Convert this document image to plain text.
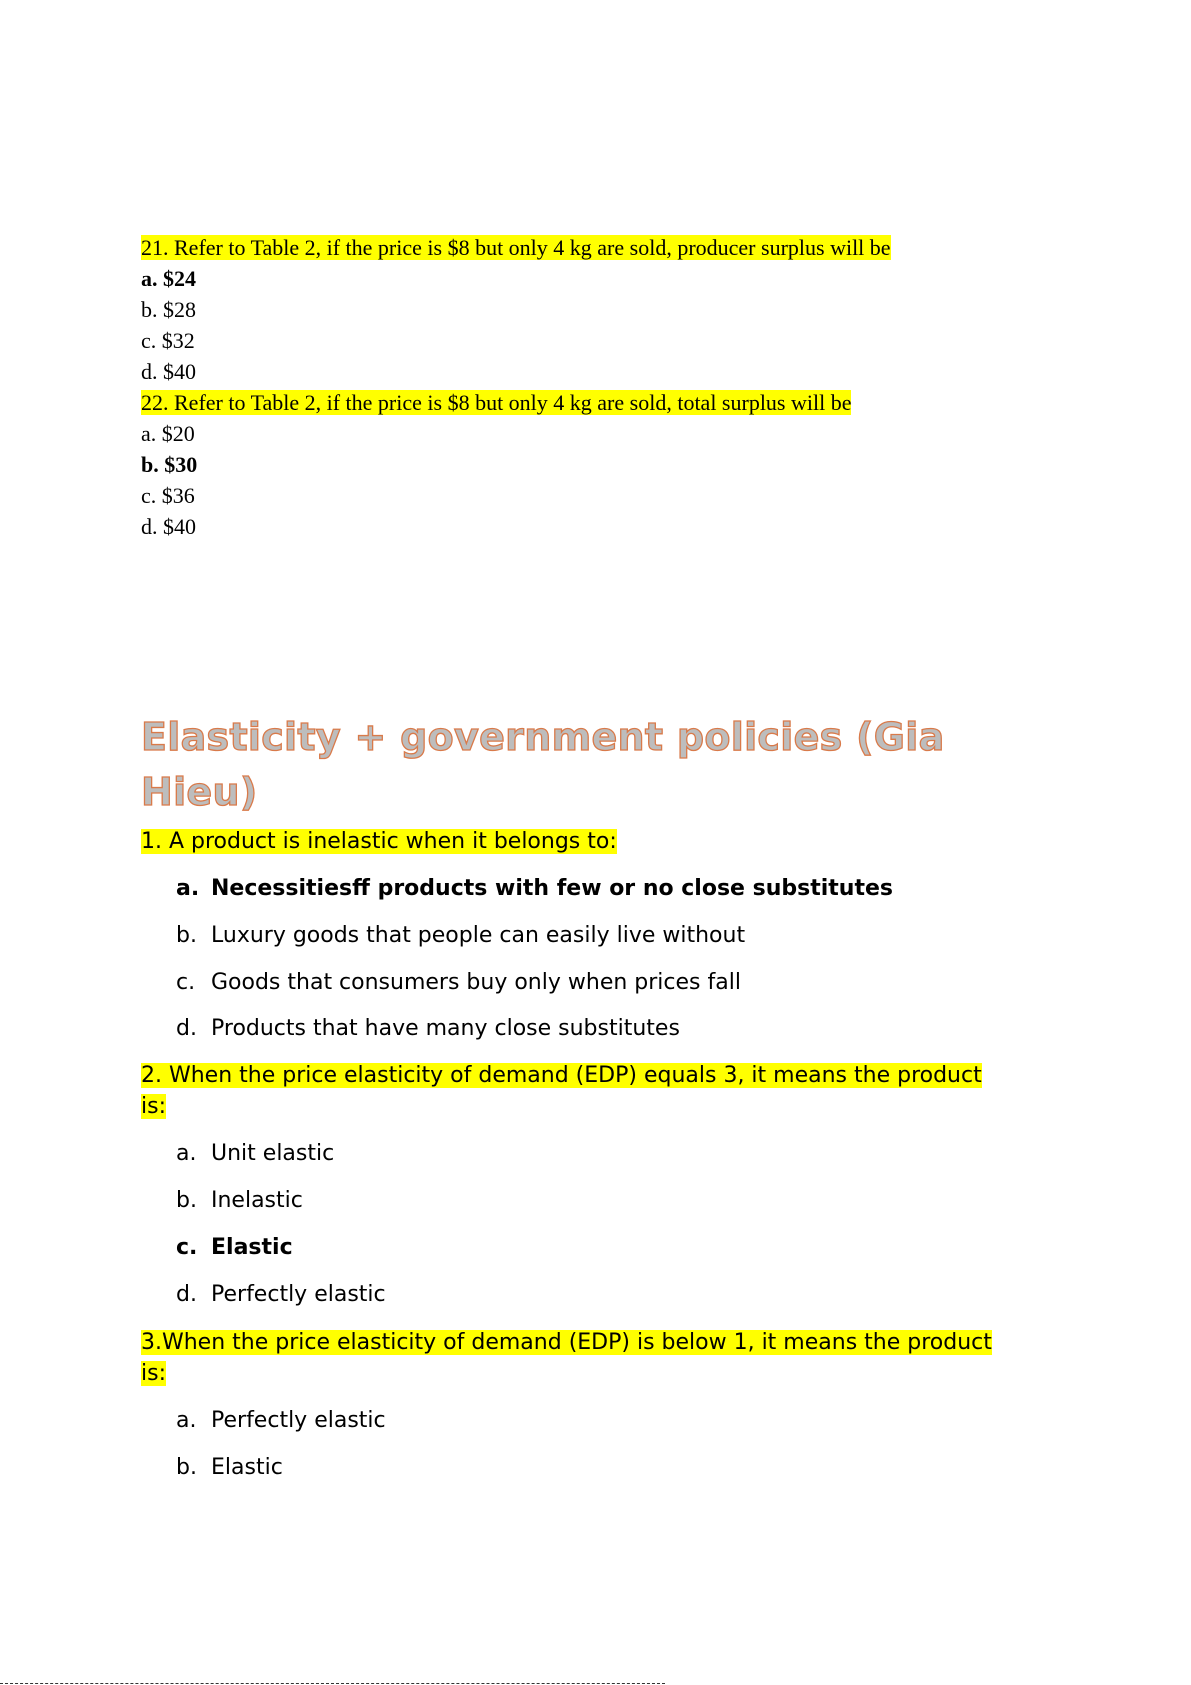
21. Refer to Table 2, if the price is $8 but only 4 kg are sold, producer surplus will be
a. $24
b. $28
c. $32
d. $40
22. Refer to Table 2, if the price is $8 but only 4 kg are sold, total surplus will be
a. $20
b. $30
c. $36
d. $40
Elasticity + government policies (Gia
Hieu)
1. A product is inelastic when it belongs to:
a. Necessitiesff products with few or no close substitutes
b. Luxury goods that people can easily live without
c. Goods that consumers buy only when prices fall
d. Products that have many close substitutes
2. When the price elasticity of demand (EDP) equals 3, it means the product
is:
a. Unit elastic
b. Inelastic
c. Elastic
d. Perfectly elastic
3.When the price elasticity of demand (EDP) is below 1, it means the product
is:
a. Perfectly elastic
b. Elastic
